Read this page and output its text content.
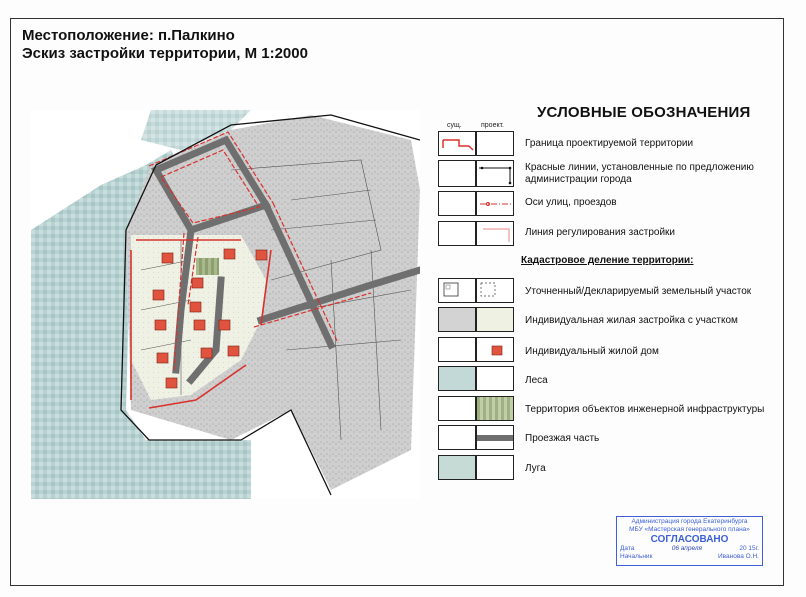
Местоположение: п.Палкино
Эскиз застройки территории, М 1:2000
УСЛОВНЫЕ ОБОЗНАЧЕНИЯ
сущ.	проект.
Граница проектируемой территории
Красные линии, установленные по предложению администрации города
Оси улиц, проездов
Линия регулирования застройки
Кадастровое деление территории:
Уточненный/Декларируемый земельный участок
Индивидуальная жилая застройка с участком
Индивидуальный жилой дом
Леса
Территория объектов инженерной инфраструктуры
Проезжая часть
Луга
Администрация города Екатеринбурга
МБУ «Мастерская генерального плана»
СОГЛАСОВАНО
Дата	06 апреля	20 15г.
Начальник	Иванова О.Н.
